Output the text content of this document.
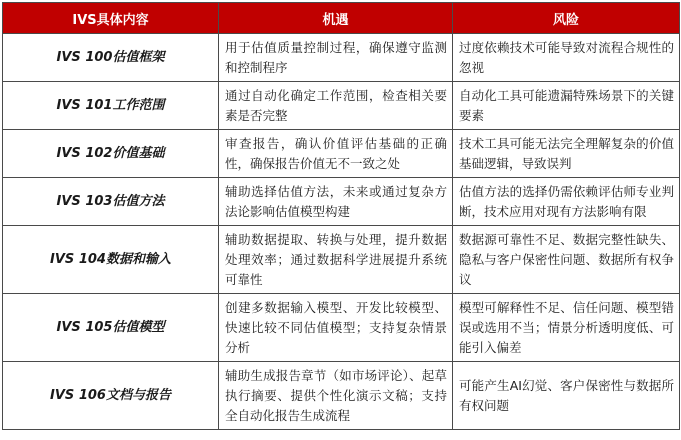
IVS具体内容	机遇	风险
IVS 100估值框架	用于估值质量控制过程，确保遵守监测和控制程序	过度依赖技术可能导致对流程合规性的忽视
IVS 101工作范围	通过自动化确定工作范围，检查相关要素是否完整	自动化工具可能遗漏特殊场景下的关键要素
IVS 102价值基础	审查报告，确认价值评估基础的正确性，确保报告价值无不一致之处	技术工具可能无法完全理解复杂的价值基础逻辑，导致误判
IVS 103估值方法	辅助选择估值方法，未来或通过复杂方法论影响估值模型构建	估值方法的选择仍需依赖评估师专业判断，技术应用对现有方法影响有限
IVS 104数据和输入	辅助数据提取、转换与处理，提升数据处理效率；通过数据科学进展提升系统可靠性	数据源可靠性不足、数据完整性缺失、隐私与客户保密性问题、数据所有权争议
IVS 105估值模型	创建多数据输入模型、开发比较模型、快速比较不同估值模型；支持复杂情景分析	模型可解释性不足、信任问题、模型错误或选用不当；情景分析透明度低、可能引入偏差
IVS 106文档与报告	辅助生成报告章节（如市场评论）、起草执行摘要、提供个性化演示文稿；支持全自动化报告生成流程	可能产生AI幻觉、客户保密性与数据所有权问题
